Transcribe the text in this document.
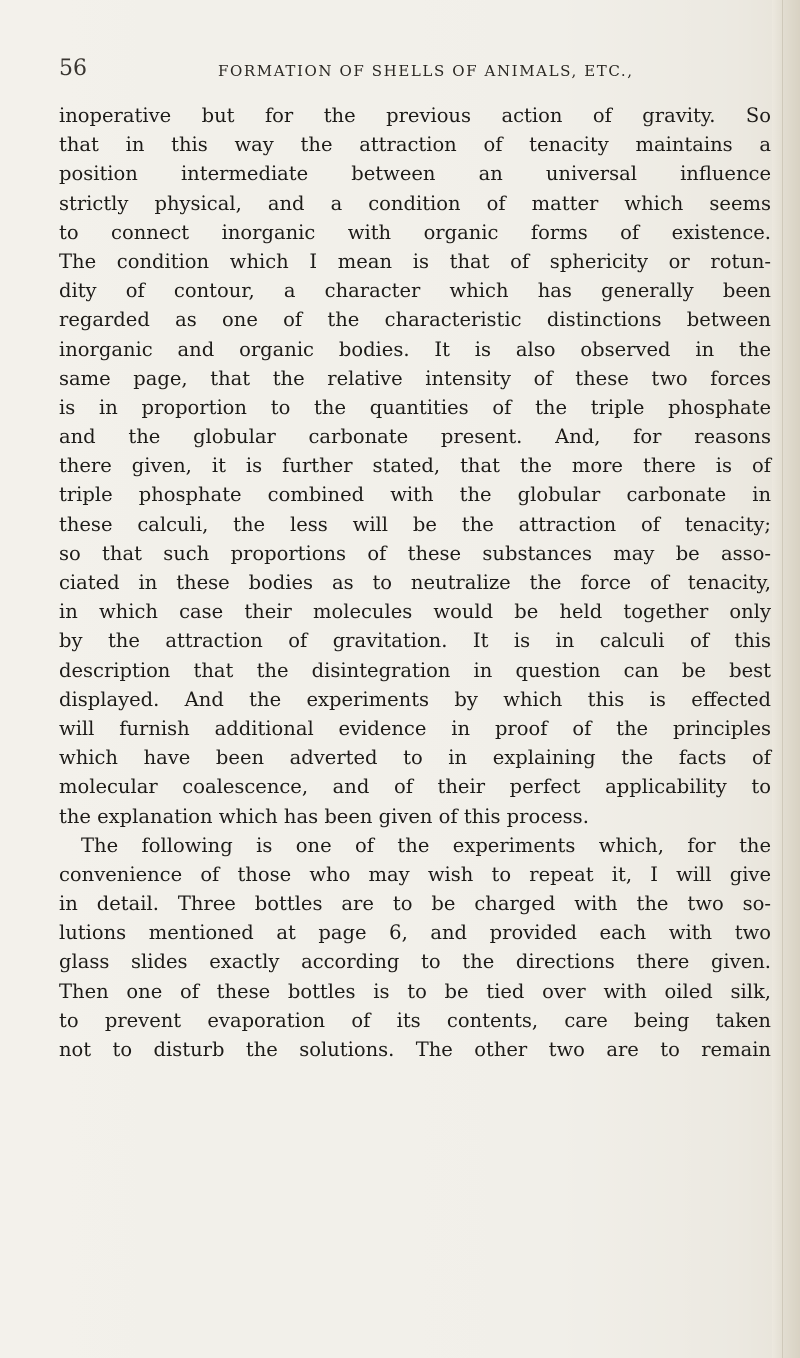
56	FORMATION OF SHELLS OF ANIMALS, ETC.,
inoperative but for the previous action of gravity. So
that in this way the attraction of tenacity maintains a
position intermediate between an universal influence
strictly physical, and a condition of matter which seems
to connect inorganic with organic forms of existence.
The condition which I mean is that of sphericity or rotun-
dity of contour, a character which has generally been
regarded as one of the characteristic distinctions between
inorganic and organic bodies. It is also observed in the
same page, that the relative intensity of these two forces
is in proportion to the quantities of the triple phosphate
and the globular carbonate present. And, for reasons
there given, it is further stated, that the more there is of
triple phosphate combined with the globular carbonate in
these calculi, the less will be the attraction of tenacity;
so that such proportions of these substances may be asso-
ciated in these bodies as to neutralize the force of tenacity,
in which case their molecules would be held together only
by the attraction of gravitation. It is in calculi of this
description that the disintegration in question can be best
displayed. And the experiments by which this is effected
will furnish additional evidence in proof of the principles
which have been adverted to in explaining the facts of
molecular coalescence, and of their perfect applicability to
the explanation which has been given of this process.
The following is one of the experiments which, for the
convenience of those who may wish to repeat it, I will give
in detail. Three bottles are to be charged with the two so-
lutions mentioned at page 6, and provided each with two
glass slides exactly according to the directions there given.
Then one of these bottles is to be tied over with oiled silk,
to prevent evaporation of its contents, care being taken
not to disturb the solutions. The other two are to remain
